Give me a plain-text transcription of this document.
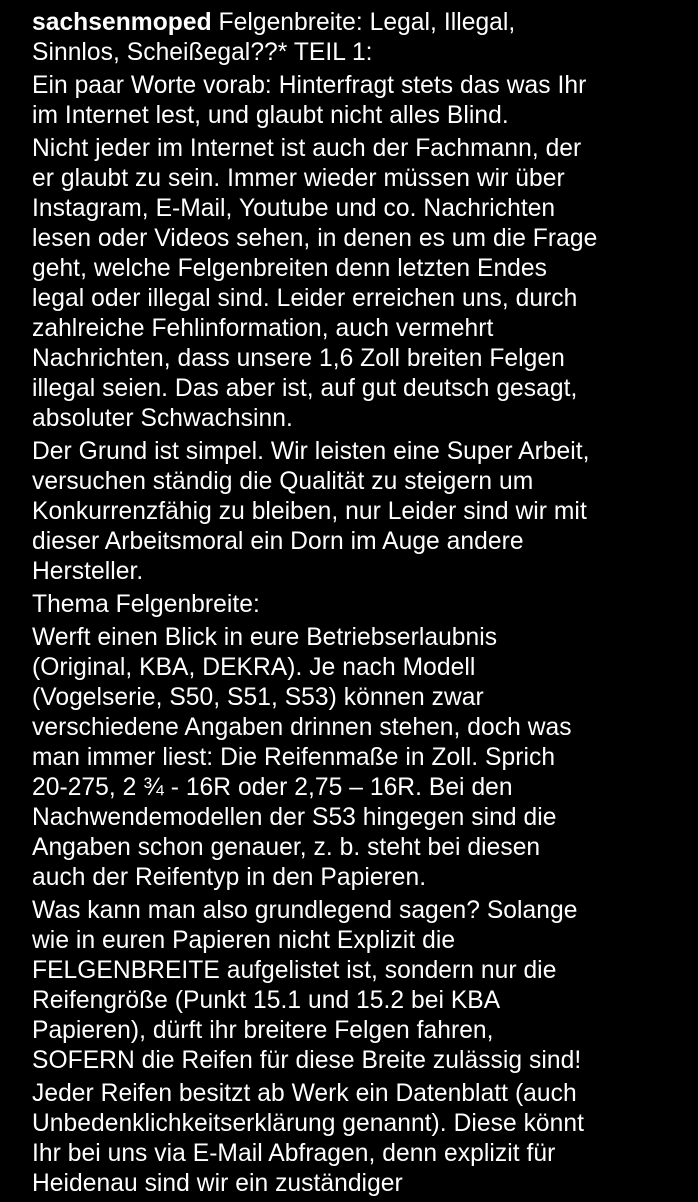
sachsenmoped Felgenbreite: Legal, Illegal,
Sinnlos, Scheißegal??* TEIL 1:
Ein paar Worte vorab: Hinterfragt stets das was Ihr
im Internet lest, und glaubt nicht alles Blind.
Nicht jeder im Internet ist auch der Fachmann, der
er glaubt zu sein. Immer wieder müssen wir über
Instagram, E-Mail, Youtube und co. Nachrichten
lesen oder Videos sehen, in denen es um die Frage
geht, welche Felgenbreiten denn letzten Endes
legal oder illegal sind. Leider erreichen uns, durch
zahlreiche Fehlinformation, auch vermehrt
Nachrichten, dass unsere 1,6 Zoll breiten Felgen
illegal seien. Das aber ist, auf gut deutsch gesagt,
absoluter Schwachsinn.
Der Grund ist simpel. Wir leisten eine Super Arbeit,
versuchen ständig die Qualität zu steigern um
Konkurrenzfähig zu bleiben, nur Leider sind wir mit
dieser Arbeitsmoral ein Dorn im Auge andere
Hersteller.
Thema Felgenbreite:
Werft einen Blick in eure Betriebserlaubnis
(Original, KBA, DEKRA). Je nach Modell
(Vogelserie, S50, S51, S53) können zwar
verschiedene Angaben drinnen stehen, doch was
man immer liest: Die Reifenmaße in Zoll. Sprich
20-275, 2 ¾ - 16R oder 2,75 – 16R. Bei den
Nachwendemodellen der S53 hingegen sind die
Angaben schon genauer, z. b. steht bei diesen
auch der Reifentyp in den Papieren.
Was kann man also grundlegend sagen? Solange
wie in euren Papieren nicht Explizit die
FELGENBREITE aufgelistet ist, sondern nur die
Reifengröße (Punkt 15.1 und 15.2 bei KBA
Papieren), dürft ihr breitere Felgen fahren,
SOFERN die Reifen für diese Breite zulässig sind!
Jeder Reifen besitzt ab Werk ein Datenblatt (auch
Unbedenklichkeitserklärung genannt). Diese könnt
Ihr bei uns via E-Mail Abfragen, denn explizit für
Heidenau sind wir ein zuständiger
